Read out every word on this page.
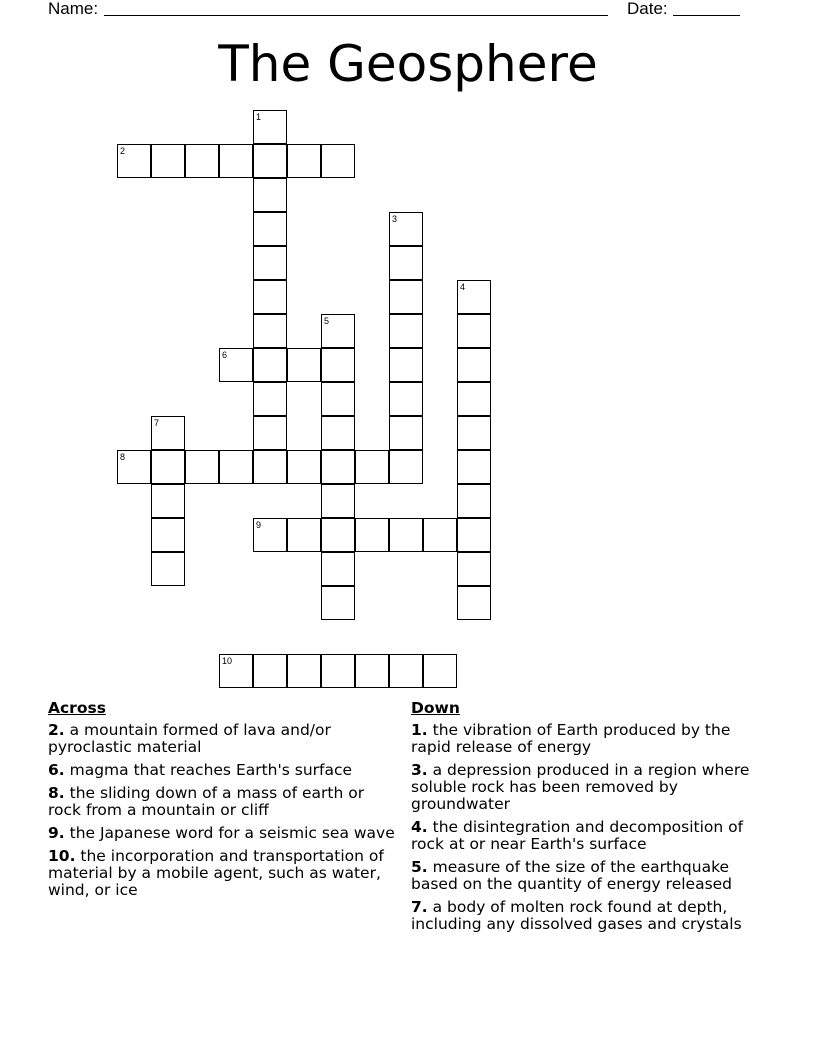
Name:	Date:
The Geosphere
1
2
3
4
5
6
7
8
9
10
Across
2. a mountain formed of lava and/or pyroclastic material
6. magma that reaches Earth's surface
8. the sliding down of a mass of earth or rock from a mountain or cliff
9. the Japanese word for a seismic sea wave
10. the incorporation and transportation of material by a mobile agent, such as water, wind, or ice
Down
1. the vibration of Earth produced by the rapid release of energy
3. a depression produced in a region where soluble rock has been removed by groundwater
4. the disintegration and decomposition of rock at or near Earth's surface
5. measure of the size of the earthquake based on the quantity of energy released
7. a body of molten rock found at depth, including any dissolved gases and crystals
